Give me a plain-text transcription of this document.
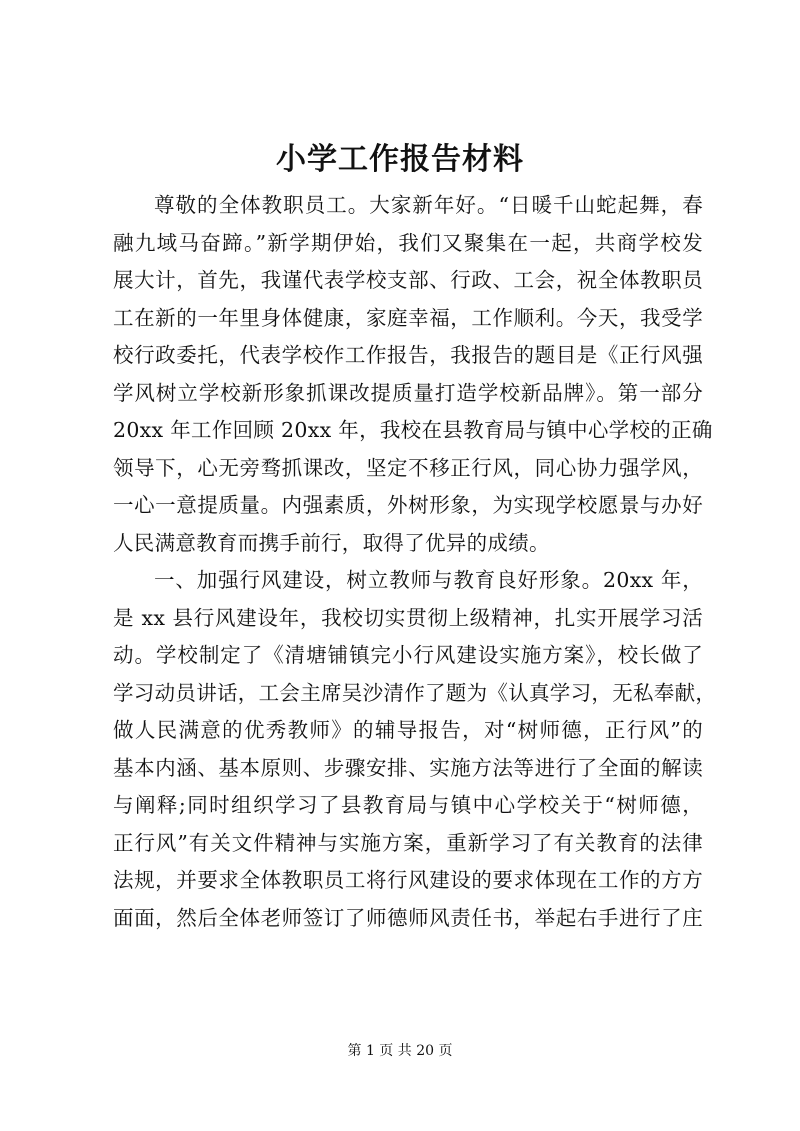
小学工作报告材料
尊敬的全体教职员工。大家新年好。“日暖千山蛇起舞，春
融九域马奋蹄。”新学期伊始，我们又聚集在一起，共商学校发
展大计，首先，我谨代表学校支部、行政、工会，祝全体教职员
工在新的一年里身体健康，家庭幸福，工作顺利。今天，我受学
校行政委托，代表学校作工作报告，我报告的题目是《正行风强
学风树立学校新形象抓课改提质量打造学校新品牌》。第一部分
20xx 年工作回顾 20xx 年，我校在县教育局与镇中心学校的正确
领导下，心无旁骛抓课改，坚定不移正行风，同心协力强学风，
一心一意提质量。内强素质，外树形象，为实现学校愿景与办好
人民满意教育而携手前行，取得了优异的成绩。
一、加强行风建设，树立教师与教育良好形象。20xx 年，
是 xx 县行风建设年，我校切实贯彻上级精神，扎实开展学习活
动。学校制定了《清塘铺镇完小行风建设实施方案》，校长做了
学习动员讲话，工会主席吴沙清作了题为《认真学习，无私奉献，
做人民满意的优秀教师》的辅导报告，对“树师德，正行风”的
基本内涵、基本原则、步骤安排、实施方法等进行了全面的解读
与阐释;同时组织学习了县教育局与镇中心学校关于“树师德，
正行风”有关文件精神与实施方案，重新学习了有关教育的法律
法规，并要求全体教职员工将行风建设的要求体现在工作的方方
面面，然后全体老师签订了师德师风责任书，举起右手进行了庄
第 1 页 共 20 页
